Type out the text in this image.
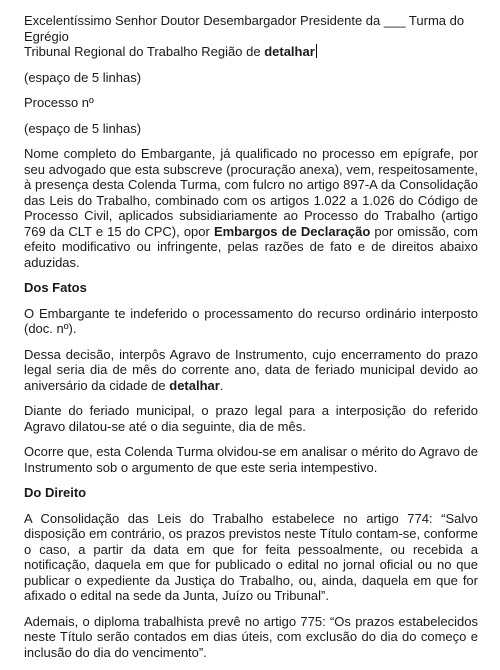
Excelentíssimo Senhor Doutor Desembargador Presidente da ___ Turma do Egrégio
Tribunal Regional do Trabalho Região de detalhar

(espaço de 5 linhas)

Processo nº

(espaço de 5 linhas)

Nome completo do Embargante, já qualificado no processo em epígrafe, por seu advogado que esta subscreve (procuração anexa), vem, respeitosamente, à presença desta Colenda Turma, com fulcro no artigo 897-A da Consolidação das Leis do Trabalho, combinado com os artigos 1.022 a 1.026 do Código de Processo Civil, aplicados subsidiariamente ao Processo do Trabalho (artigo 769 da CLT e 15 do CPC), opor Embargos de Declaração por omissão, com efeito modificativo ou infringente, pelas razões de fato e de direitos abaixo aduzidas.

Dos Fatos

O Embargante te indeferido o processamento do recurso ordinário interposto (doc. nº).

Dessa decisão, interpôs Agravo de Instrumento, cujo encerramento do prazo legal seria dia de mês do corrente ano, data de feriado municipal devido ao aniversário da cidade de detalhar.

Diante do feriado municipal, o prazo legal para a interposição do referido Agravo dilatou-se até o dia seguinte, dia de mês.

Ocorre que, esta Colenda Turma olvidou-se em analisar o mérito do Agravo de Instrumento sob o argumento de que este seria intempestivo.

Do Direito

A Consolidação das Leis do Trabalho estabelece no artigo 774: “Salvo disposição em contrário, os prazos previstos neste Título contam-se, conforme o caso, a partir da data em que for feita pessoalmente, ou recebida a notificação, daquela em que for publicado o edital no jornal oficial ou no que publicar o expediente da Justiça do Trabalho, ou, ainda, daquela em que for afixado o edital na sede da Junta, Juízo ou Tribunal”.

Ademais, o diploma trabalhista prevê no artigo 775: “Os prazos estabelecidos neste Título serão contados em dias úteis, com exclusão do dia do começo e inclusão do dia do vencimento”.
